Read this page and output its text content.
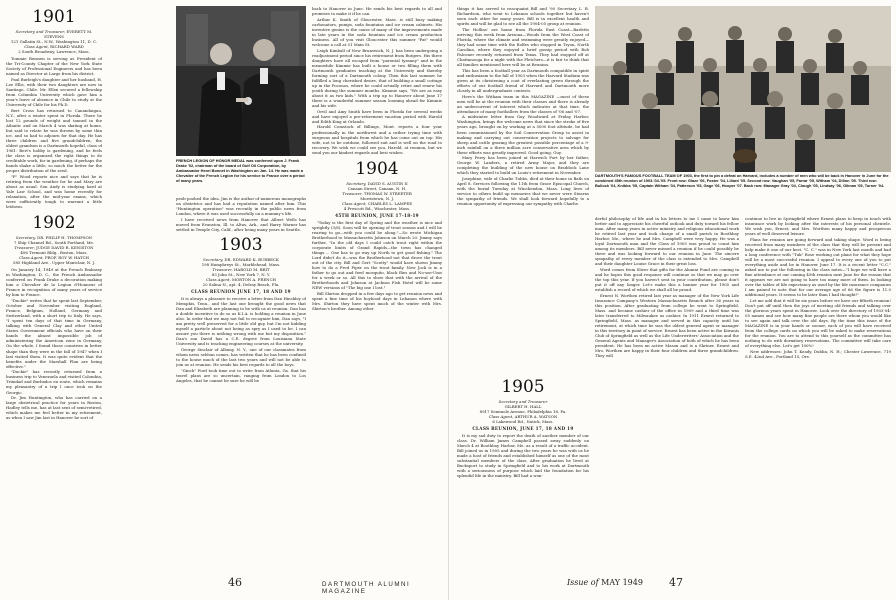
1901
Secretary and Treasurer, EVERETT M. STEVENS
121 Gallatin St., N.W., Washington 11, D. C.
Class Agent, RICHARD WARD
2 South Broadway, Lawrence, Mass.

Tommie Remsen is serving as President of the Tri-County Chapter of the New York State Society of Professional Engineers and has been named as Director at Large from his district.

Paul Burleigh's daughter and her husband, H. Lee Ellis, with their two daughters are now in Santiago, Chile. Mr. Ellen secured a fellowship from Columbia University which gave him a year's leave of absence in Chile to study at the University of Chile for his Ph.D.

Bert Cross has returned to Canandaigua, N.Y., after a winter spent in Florida. There he lost 12 pounds of weight and tanned in the Atlantic and on March 4 was skating at home, but said to relate he was thrown by some thin ice, and so had to adjourn for that day. He has three children and five grandchildren, the oldest grandson is a Dartmouth hopeful, class of 1961. Bert's hobby is gardening, and he feels the class is organized the right things to do creditable work, for in gardening, if perhaps the hands shake a little, so much the better for the proper distribution of the seed.

"P" Wood reports nice and says that he is retiring from the weather for he and Mary are about as usual. Son Andy is studying hard at Yale Law School, and was home recently for relaxation, after the mid-year exams, which were sufficiently tough to warrant a little letdown.

1902
Secretary, DR. PHILIP H. THOMPSON
7 Ship Channel Rd., South Portland, Me.
Treasurer, JUDGE DAVID R. KENISTON
406 Tremont Bldg., Boston, Mass.
Class Agent, PROF. ROY W. HATCH
585 Highland Ave., Upper Montclair, N. J.

On January 14, 1949 at the French Embassy in Washington, D. C., the French Ambassador conferred on Frank Drake a decoration making him a Chevalier de la Legion d'Honneur of France in recognition of many years of service by him to France.

"Duckie" writes that he spent last September, October and November visiting England, France, Belgium, Holland, Germany and Switzerland, with a short trip to Italy. He says, "I spent ten days of that time in Germany, talking with General Clay and other United States Government officials who have on their hands the almost impossible job of administering the American zone in Germany. On the whole, I found those countries in better shape than they were in the fall of 1947 when I last visited them. It was quite evident that the benefits under the Marshall Plan are being effective."

"Duckie" has recently returned from a business trip to Venezuela and visited Colombia, Trinidad and Barbados en route, which remains my pleasantry of a trip I once took on the Georgic.

Dr. Jim Huntington, who has carried on a large obstetrical practice for years in Boston, Hadley tells me, has at last sent of semi-retired, which makes me feel better in my retirement, as when I saw Jim last in Hanover he sort of

FRENCH LEGION OF HONOR MEDAL was conferred upon J. Frank Drake '02, chairman of the board of Gulf Oil Corporation, by Ambassador Henri Bonnet in Washington on Jan. 14. He was made a Chevalier of the French Legion for his service to France over a period of many years.

peoh-poohed the idea. Jim is the author of numerous monographs on obstetrics and has had a reputation named after him. This "Huntington operation" was recently in the public news from London, where it was used successfully on a mummy's life.

I have received news from Hanover that Albert Wells has moved from Evanston, Ill. to Altus, Ark., and Harry Warner has settled in Temple City, Calif., after being many years in Seattle.

1903
Secretary, DR. EDWARD K. BURBECK
198 Humphreys St., Marblehead, Mass.
Treasurer, HAROLD M. BRIT
83 John St., New York 7, N. Y.
Class Agent, MORTON A. FRENCH
20 Salina N., apt. 4, Delray Beach, Fla.
CLASS REUNION JUNE 17, 18 AND 19

It is always a pleasure to receive a letter from Dan Hinckley of Memphis, Tenn., and the last one brought the good news that Dan and Elizabeth are planning to be with us at reunion. Dan has a double incentive to do so as K.I.A. is holding a reunion in June also. In order that we may not fail to recognize him, Dan says, "I am pretty well preserved for a little old guy, but I'm not kidding myself a particle about not being as spry as I used to be. I can assure you there is nothing wrong with me but my disposition." Dan's son David has a C.E. degree from Louisiana State University and is teaching engineering courses at the university.

George Sinclair of Albany, N. Y., one of our classmates from whom news seldom comes, has written that he has been confined to the house much of the last two years and will not be able to join us at reunion. He sends his best regards to all the boys.

"Ginch" Ford took time out to write from Atlanta, Ga. that his travel plans are so uncertain, ranging from London to Los Angeles, that he cannot be sure he will be

back to Hanover in June. He sends his best regards to all and promises to make it if he can.

Arthur K. Smith of Gloucester, Mass. is still busy making carbonators, pumps, soda fountains and ice cream cabinets. His inventive genius is the cause of many of the improvements made in late years in the soda fountain and ice cream production business. All of you visit Gloucester this summer "Fat" would welcome a call at 51 Main St.

Leigh Kimball of New Brunswick, N. J. has been undergoing a readjustment period since his retirement from Rutgers. His three daughters have all escaped from "parental tyranny" and in the meanwhile Kimmie has built a house or two filling them with Dartmouth graduates teaching at the University and thereby forming sort of a Dartmouth colony. Then this last summer he fulfilled a long cherished desire, that of building a small cottage up in the Poconos, where he could actually retire and renew his youth during the summer months. Kimmie says, "We are as easy about it as two kids." With a trip up to Hanover about June 17 there is a wonderful summer season looming ahead for Kimmie and his wife.

Orvil and Amy Smith have been in Florida for several weeks and have enjoyed a pre-retirement vacation period with Harold and Edith King at Orlando.

Harold Comstock of Billings, Mont. reports a four year professionally in the northwest and a rather trying time with surgeons and hospitals from which he has come out on top. His wife, not to be outdone, followed suit and is well on the road to recovery. We wish we could see you, Harold, at reunion, but we send you our kindest regards and best wishes.

1904
Secretary, DAVID S. AUSTIN II
Canaan Street, Canaan, N. H.
Treasurer, THOMAS W. STREETER
Morristown, N. J.
Class Agent, CHARLES L. LAMPEE
4 Prescott Rd., Winchester, Mass.
45TH REUNION, JUNE 17-18-19

"Today is the first day of Spring and the weather is nice and sprightly (3/8). Soon will be opening of trout season and I will be rearing to go—with you could be along."—So wrote Michigan Brotherhood to Massachusetts Johnson on March 20. Jimmy says further, "In the old days I could catch trout right within the corporate limits of Grand Rapids—the town has changed things.… One has to go way up North to get good fishing." The Lord didn't do it—was the Brotherhood not that drove the trout out of the city. Bill and Gert "Scotty" would have shown Jimmy how to do a Fred Piper on the trout family. Now Jock is in a father to go out and feed mosquito, black flies and No-see-Ums for a week or so. All this to show that with the arrival of the Brotherhoods and Johnson at Jackson Fish Hotel will be some NEW versions of "The big one I lost."

Bill Shirton dropped in a few days ago to get reunion news and spent a fine time of his boyhood days in Lebanon where with Mrs. Shirton they have spent much of the winter with Mrs. Shirton's brother. Among other

46	DARTMOUTH ALUMNI MAGAZINE

things it has served to reacquaint Bill and '90 Secretary L. B. Richardson, who went to Lebanon schools together but haven't seen each other for many years. Bill is in excellent health and spirits and will be glad to see all the 1904-05 group at reunion.

The Hollins' are home from Florida East Coast—Barletts arriving this week from Arizona—Woods from the West Coast of Florida, where the climate and swimming were greatly enjoyed—they had some time with the Rolfes who stopped in Tryon, North Carolina, where they enjoyed a brief gossip period with Bob Falconer recently returned from Texas. They had stopped off at Chattanooga for a night with the Fletchers—it is fair to think that all families mentioned here will be at Reunion.

This has been a football year as Dartmouth compatible in spirit and enthusiasm to the fall of 1903 when the Harvard Stadium was given at its christening a coat of everlasting green through the efforts of our football friend of Harvard and Dartmouth more closely in all undergraduate contests.

Here's the Witham team in this MAGAZINE —most of these men will be at the reunion with their classes and there is already an undercurrent of interest which indicates at that time, the attendance of many footballers from the classes of '06 and '07.

A midwinter letter from Guy Woodward at Friday Harbor, Washington, brings the welcome news that since the stroke of five years ago, brought on by working at a 5000 foot altitude, he had been commissioned by the Soil Conservation Group to assist in making and carrying out conservation projects to salvage for sheep and cattle grazing the greatest possible percentage of a 9-inch rainfall on a three million acre conservative area which by these efforts was greatly improved. Good going, Guy.

Mary Perry has been joined at Harwich Port by her father, George W. Landers, a retired Army Major, and they are completing the building of the new house on Braddock Lane which they started to build on Louis's retirement in November.

Josephine, wife of Charlie Tubbs, died at their home in Bath on April 8. Services following the 11th from Grace Episcopal Church, with the burial Tuesday at Winchendon, Mass. Long lives of service to others build up memories that we never were Stearns the sympathy of friends. We shall look forward hopefully to a reunion opportunity of expressing our sympathy with Charlie.

DARTMOUTH'S FAMOUS FOOTBALL TEAM OF 1903, the first to pin a defeat on Harvard, includes a number of men who will be back in Hanover in June for the combined 45th reunion of 1903-'04-'05. Front row: Glaze '06, Foster '04, Lillard '05. Second row: Vaughan '05, Farrar '05, Witham '04, Dillon '05. Third row: Bullock '04, Knibbs '05, Captain Witham '04, Patterson '05, Gage '06, Hooper '07. Back row: Manager Gray '04, Clough '05, Lindsay '06, Gilman '05, Turner '04.
1905
Secretary and Treasurer
GILBERT H. HALL
8917 Seminole Avenue, Philadelphia 18, Pa.
Class Agent, ARTHUR A. WATSON
6 Lakewood Rd., Natick, Mass.
CLASS REUNION, JUNE 17, 18 AND 19

It is my sad duty to report the death of another member of our class. Dr. William James Campbell passed away suddenly on March 4 at Boothbay Harbor, Me. as a result of a traffic accident. Bill joined us in 1905 and during the two years he was with us he made a host of friends and established himself as one of the most substantial members of the class. After graduation he lived at Bucksport to study in Springfield and to his work at Dartmouth with a seriousness of purpose which laid the foundation for his splendid life in the ministry. Bill had a won-

derful philosophy of life and in his letters to me I came to know him better and to appreciate his cheerful outlook and duty toward his fellow man. After many years in active ministry and religious educational work he retired last year and took charge of a small parish in Boothbay Harbor, Me., where he and Mrs. Campbell were very happy. He was a loyal Dartmouth man and the Class of 1905 was proud to count him among its members. Bill never missed a reunion if he could possibly be there and was looking forward to our reunion in June. The sincere sympathy of every member of the class is extended to Mrs. Campbell and their daughter Louise Grace in their great loss.

Word comes from Sliver that gifts for the Alumni Fund are coming in and he hopes this good response will continue so that we may go over the top this year. If you haven't sent in your contribution, please don't put it off any longer. Let's make this a banner year for 1905 and establish a record of which we shall all be proud.

Ernest N. Worthen retired last year as manager of the New York Life Insurance Company's Western Massachusetts Branch after 36 years in this position. After graduating from college he went to Springfield, Mass. and became cashier of the office in 1909 and a third time was later transferred to Milwaukee as cashier. In 1911 Ernest returned to Springfield, Mass. as manager and served in this capacity until his retirement, at which time he was the oldest general agent or manager in this territory in point of service. Ernest has been active in the Kiwanis Club of Springfield as well as the Life Underwriters' Association and the General Agents and Manager's Association of both of which he has been president. He has been an active Mason and is a Shriner. Ernest and Mrs. Worthen are happy in their four children and three grandchildren. They will

continue to live in Springfield where Ernest plans to keep in touch with insurance work by looking after the interests of his personal clientele. We wish you, Ernest, and Mrs. Worthen many happy and prosperous years of well deserved leisure.

Plans for reunion are going forward and taking shape. Word is being received from many members of the class that they will be present and help make it one of our best. "C. C." was in New York last month and had a long conference with "Tuk" Rose working out plans for what they hope will be a most successful reunion. I appeal to every one of you to put everything aside and be in Hanover June 17. It is a recent letter "C.C." asked me to put the following in the class notes—"I hope we will have a fine attendance at our coming 45th reunion next June for the reason that it appears we are not going to have too many more of them. In looking over the tables of life expectancy as used by the life insurance companies I am pained to note that for our average age of 66 the figure is 11.0 additional years. It seems to be later than I had thought!"

Let me add that it will be six years before we have our fiftieth reunion! Don't put off until then the joys of meeting old friends and talking over the glorious years spent in Hanover. Look over the directory of 1903-04-05 names and see how many fine people are there whom you would like to see again and talk over the old days. By the time this issue of the MAGAZINE is in your hands or sooner, each of you will have received from the college cards on which you will be asked to make reservations for the reunion. You are to attend to this yourself as the committee has nothing to do with dormitory reservations. The committee will take care of everything else. Let's get 100%!

New addresses: John T. Keady, Dublin, N. H.; Chester Lawrence, 719 S.E. 42nd Ave., Portland 15, Ore.

Issue of MAY 1949 47
